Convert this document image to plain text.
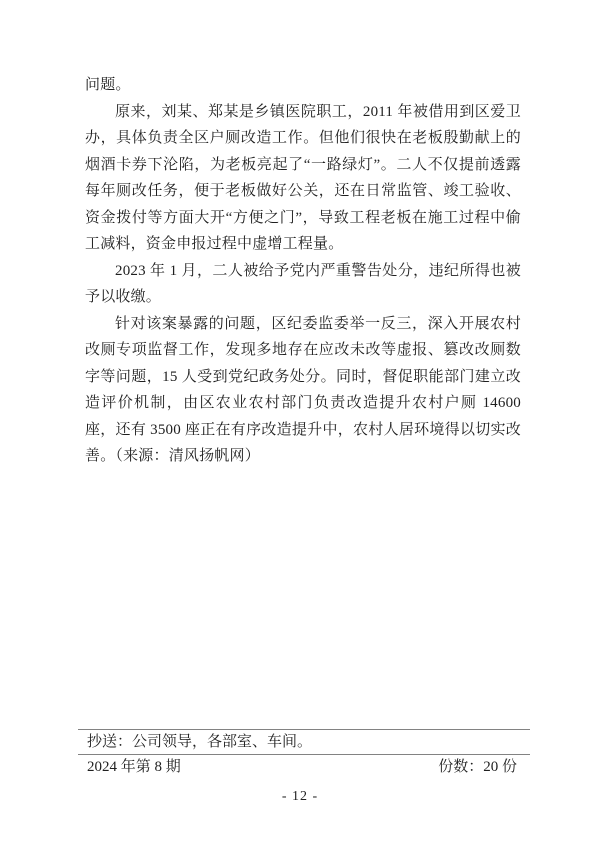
问题。

原来，刘某、郑某是乡镇医院职工，2011 年被借用到区爱卫办，具体负责全区户厕改造工作。但他们很快在老板殷勤献上的烟酒卡券下沦陷，为老板亮起了“一路绿灯”。二人不仅提前透露每年厕改任务，便于老板做好公关，还在日常监管、竣工验收、资金拨付等方面大开“方便之门”，导致工程老板在施工过程中偷工减料，资金申报过程中虚增工程量。

2023 年 1 月，二人被给予党内严重警告处分，违纪所得也被予以收缴。

针对该案暴露的问题，区纪委监委举一反三，深入开展农村改厕专项监督工作，发现多地存在应改未改等虚报、篡改改厕数字等问题，15 人受到党纪政务处分。同时，督促职能部门建立改造评价机制，由区农业农村部门负责改造提升农村户厕 14600 座，还有 3500 座正在有序改造提升中，农村人居环境得以切实改善。（来源：清风扬帆网）

抄送：公司领导，各部室、车间。
2024 年第 8 期	份数：20 份
- 12 -
